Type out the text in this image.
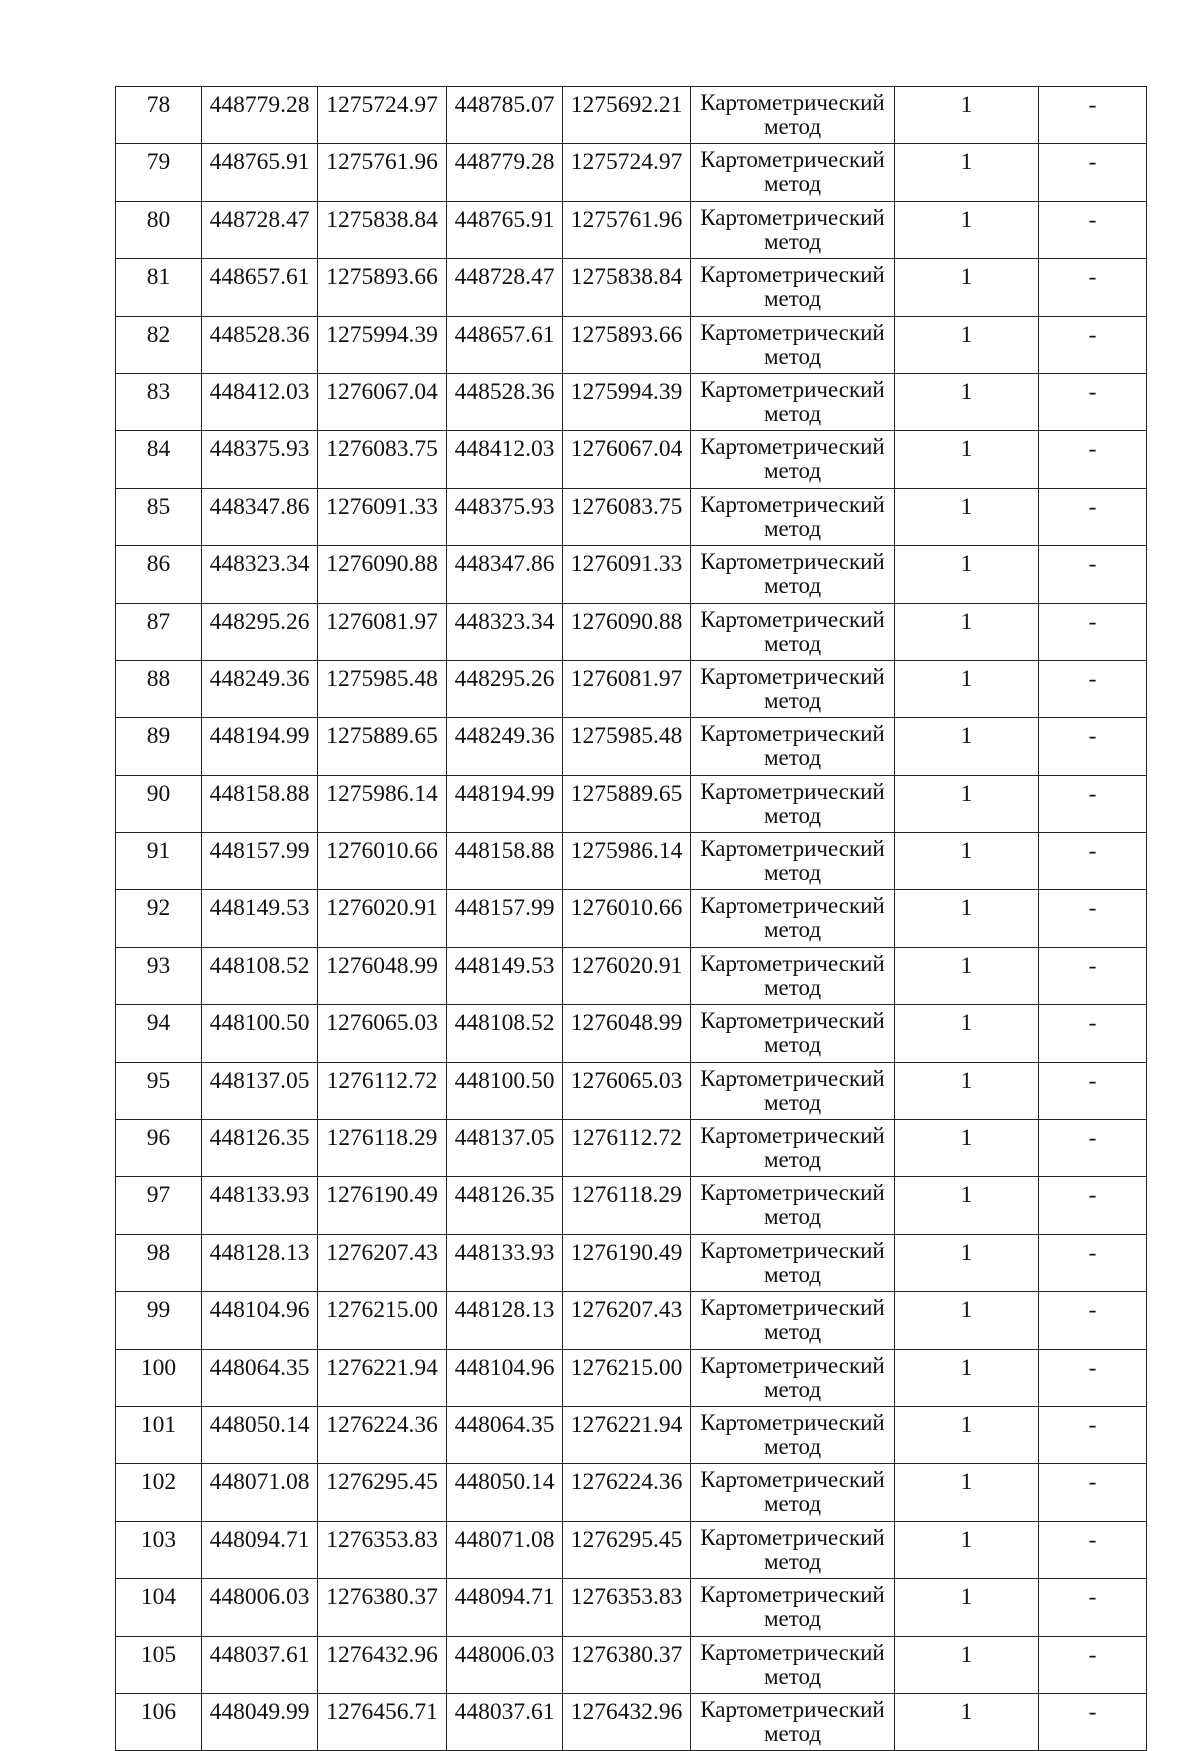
78	448779.28	1275724.97	448785.07	1275692.21	Картометрический
метод	1	-
79	448765.91	1275761.96	448779.28	1275724.97	Картометрический
метод	1	-
80	448728.47	1275838.84	448765.91	1275761.96	Картометрический
метод	1	-
81	448657.61	1275893.66	448728.47	1275838.84	Картометрический
метод	1	-
82	448528.36	1275994.39	448657.61	1275893.66	Картометрический
метод	1	-
83	448412.03	1276067.04	448528.36	1275994.39	Картометрический
метод	1	-
84	448375.93	1276083.75	448412.03	1276067.04	Картометрический
метод	1	-
85	448347.86	1276091.33	448375.93	1276083.75	Картометрический
метод	1	-
86	448323.34	1276090.88	448347.86	1276091.33	Картометрический
метод	1	-
87	448295.26	1276081.97	448323.34	1276090.88	Картометрический
метод	1	-
88	448249.36	1275985.48	448295.26	1276081.97	Картометрический
метод	1	-
89	448194.99	1275889.65	448249.36	1275985.48	Картометрический
метод	1	-
90	448158.88	1275986.14	448194.99	1275889.65	Картометрический
метод	1	-
91	448157.99	1276010.66	448158.88	1275986.14	Картометрический
метод	1	-
92	448149.53	1276020.91	448157.99	1276010.66	Картометрический
метод	1	-
93	448108.52	1276048.99	448149.53	1276020.91	Картометрический
метод	1	-
94	448100.50	1276065.03	448108.52	1276048.99	Картометрический
метод	1	-
95	448137.05	1276112.72	448100.50	1276065.03	Картометрический
метод	1	-
96	448126.35	1276118.29	448137.05	1276112.72	Картометрический
метод	1	-
97	448133.93	1276190.49	448126.35	1276118.29	Картометрический
метод	1	-
98	448128.13	1276207.43	448133.93	1276190.49	Картометрический
метод	1	-
99	448104.96	1276215.00	448128.13	1276207.43	Картометрический
метод	1	-
100	448064.35	1276221.94	448104.96	1276215.00	Картометрический
метод	1	-
101	448050.14	1276224.36	448064.35	1276221.94	Картометрический
метод	1	-
102	448071.08	1276295.45	448050.14	1276224.36	Картометрический
метод	1	-
103	448094.71	1276353.83	448071.08	1276295.45	Картометрический
метод	1	-
104	448006.03	1276380.37	448094.71	1276353.83	Картометрический
метод	1	-
105	448037.61	1276432.96	448006.03	1276380.37	Картометрический
метод	1	-
106	448049.99	1276456.71	448037.61	1276432.96	Картометрический
метод	1	-
